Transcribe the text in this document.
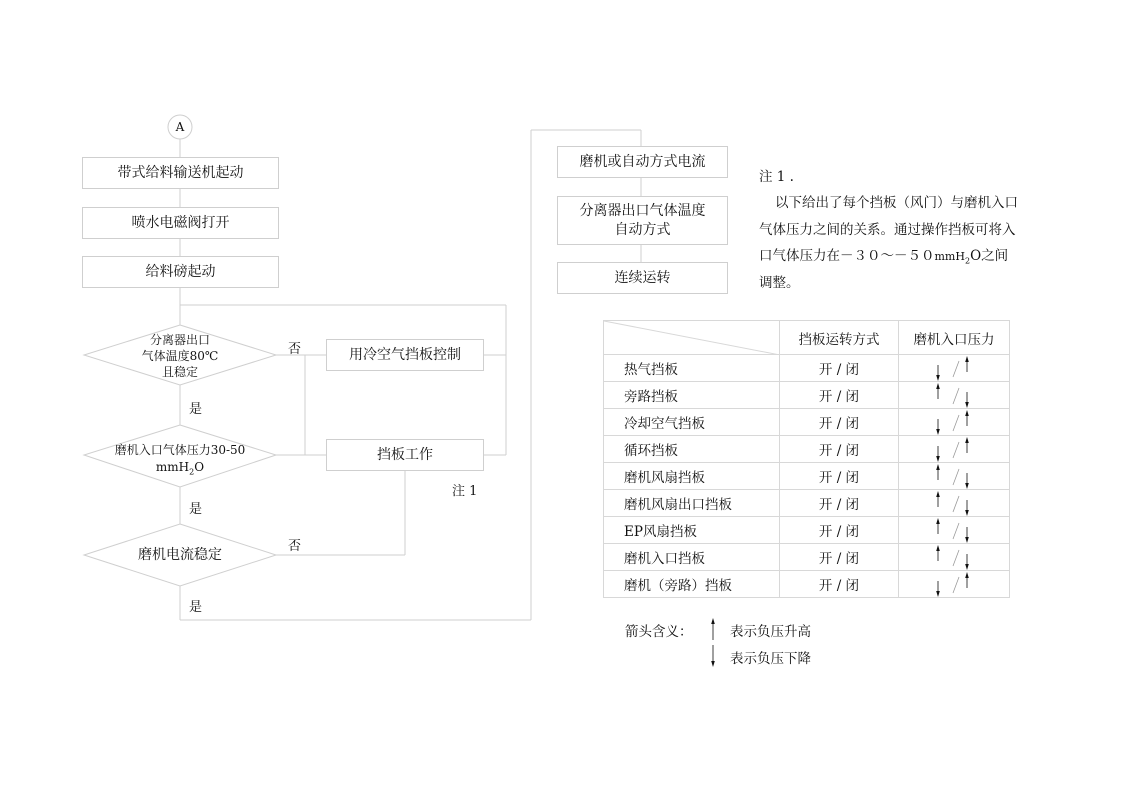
A
带式给料输送机起动
喷水电磁阀打开
给料磅起动
分离器出口
气体温度80℃
且稳定
磨机入口气体压力30-50
mmH$_2$O
磨机电流稳定
用冷空气挡板控制
挡板工作
否
否
是
是
是
注 1
磨机或自动方式电流
分离器出口气体温度
自动方式
连续运转
注 1 .
以下给出了每个挡板（风门）与磨机入口
气体压力之间的关系。通过操作挡板可将入
口气体压力在－３０～－５０mmH$_2$O之间
调整。
	挡板运转方式	磨机入口压力
热气挡板	开 / 闭	

旁路挡板	开 / 闭	

冷却空气挡板	开 / 闭	

循环挡板	开 / 闭	

磨机风扇挡板	开 / 闭	

磨机风扇出口挡板	开 / 闭	

EP风扇挡板	开 / 闭	

磨机入口挡板	开 / 闭	

磨机（旁路）挡板	开 / 闭	
箭头含义：	表示负压升高
表示负压下降
